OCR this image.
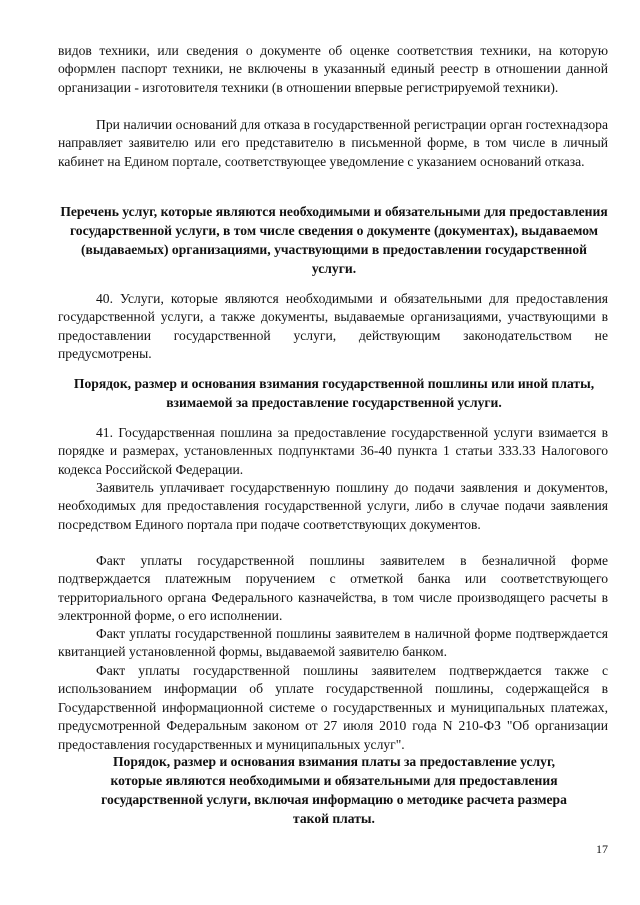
видов техники, или сведения о документе об оценке соответствия техники, на которую оформлен паспорт техники, не включены в указанный единый реестр в отношении данной организации - изготовителя техники (в отношении впервые регистрируемой техники).

При наличии оснований для отказа в государственной регистрации орган гостехнадзора направляет заявителю или его представителю в письменной форме, в том числе в личный кабинет на Едином портале, соответствующее уведомление с указанием оснований отказа.

Перечень услуг, которые являются необходимыми и обязательными для предоставления государственной услуги, в том числе сведения о документе (документах), выдаваемом (выдаваемых) организациями, участвующими в предоставлении государственной услуги.

40. Услуги, которые являются необходимыми и обязательными для предоставления государственной услуги, а также документы, выдаваемые организациями, участвующими в предоставлении государственной услуги, действующим законодательством не предусмотрены.

Порядок, размер и основания взимания государственной пошлины или иной платы, взимаемой за предоставление государственной услуги.

41. Государственная пошлина за предоставление государственной услуги взимается в порядке и размерах, установленных подпунктами 36-40 пункта 1 статьи 333.33 Налогового кодекса Российской Федерации.

Заявитель уплачивает государственную пошлину до подачи заявления и документов, необходимых для предоставления государственной услуги, либо в случае подачи заявления посредством Единого портала при подаче соответствующих документов.

Факт уплаты государственной пошлины заявителем в безналичной форме подтверждается платежным поручением с отметкой банка или соответствующего территориального органа Федерального казначейства, в том числе производящего расчеты в электронной форме, о его исполнении.

Факт уплаты государственной пошлины заявителем в наличной форме подтверждается квитанцией установленной формы, выдаваемой заявителю банком.

Факт уплаты государственной пошлины заявителем подтверждается также с использованием информации об уплате государственной пошлины, содержащейся в Государственной информационной системе о государственных и муниципальных платежах, предусмотренной Федеральным законом от 27 июля 2010 года N 210-ФЗ "Об организации предоставления государственных и муниципальных услуг".

Порядок, размер и основания взимания платы за предоставление услуг, которые являются необходимыми и обязательными для предоставления государственной услуги, включая информацию о методике расчета размера такой платы.

17
